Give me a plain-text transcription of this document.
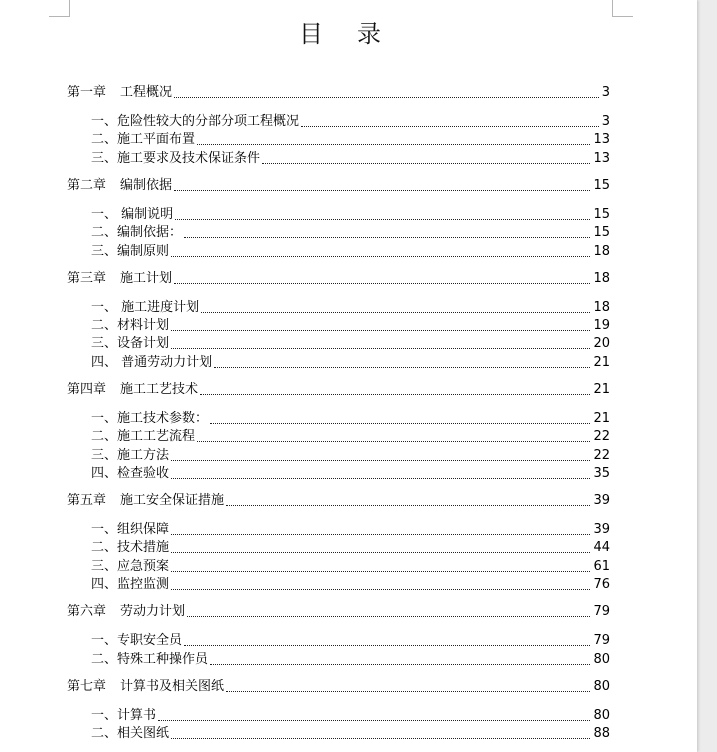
目录
第一章 工程概况	3
一、危险性较大的分部分项工程概况	3
二、施工平面布置	13
三、施工要求及技术保证条件	13
第二章 编制依据	15
一、 编制说明	15
二、编制依据：	15
三、编制原则	18
第三章 施工计划	18
一、 施工进度计划	18
二、材料计划	19
三、设备计划	20
四、 普通劳动力计划	21
第四章 施工工艺技术	21
一、施工技术参数：	21
二、施工工艺流程	22
三、施工方法	22
四、检查验收	35
第五章 施工安全保证措施	39
一、组织保障	39
二、技术措施	44
三、应急预案	61
四、监控监测	76
第六章 劳动力计划	79
一、专职安全员	79
二、特殊工种操作员	80
第七章 计算书及相关图纸	80
一、计算书	80
二、相关图纸	88
